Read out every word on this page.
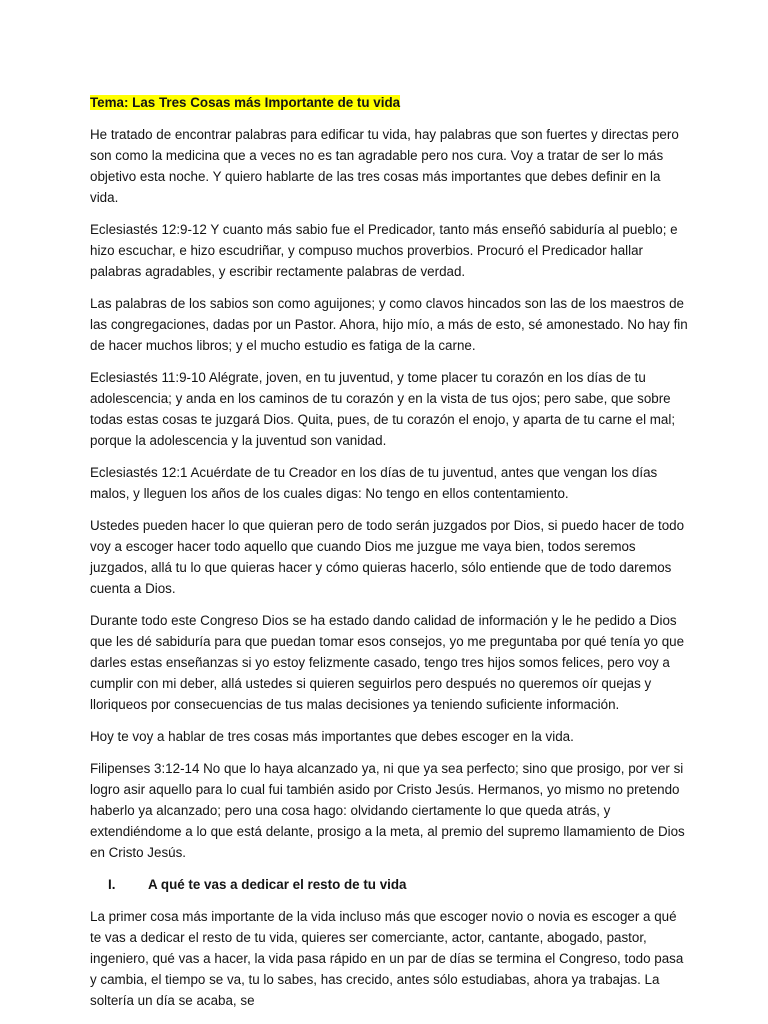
Tema: Las Tres Cosas más Importante de tu vida

He tratado de encontrar palabras para edificar tu vida, hay palabras que son fuertes y directas pero son como la medicina que a veces no es tan agradable pero nos cura. Voy a tratar de ser lo más objetivo esta noche. Y quiero hablarte de las tres cosas más importantes que debes definir en la vida.

Eclesiastés 12:9-12 Y cuanto más sabio fue el Predicador, tanto más enseñó sabiduría al pueblo; e hizo escuchar, e hizo escudriñar, y compuso muchos proverbios. Procuró el Predicador hallar palabras agradables, y escribir rectamente palabras de verdad.

Las palabras de los sabios son como aguijones; y como clavos hincados son las de los maestros de las congregaciones, dadas por un Pastor. Ahora, hijo mío, a más de esto, sé amonestado. No hay fin de hacer muchos libros; y el mucho estudio es fatiga de la carne.

Eclesiastés 11:9-10 Alégrate, joven, en tu juventud, y tome placer tu corazón en los días de tu adolescencia; y anda en los caminos de tu corazón y en la vista de tus ojos; pero sabe, que sobre todas estas cosas te juzgará Dios. Quita, pues, de tu corazón el enojo, y aparta de tu carne el mal; porque la adolescencia y la juventud son vanidad.

Eclesiastés 12:1 Acuérdate de tu Creador en los días de tu juventud, antes que vengan los días malos, y lleguen los años de los cuales digas: No tengo en ellos contentamiento.

Ustedes pueden hacer lo que quieran pero de todo serán juzgados por Dios, si puedo hacer de todo voy a escoger hacer todo aquello que cuando Dios me juzgue me vaya bien, todos seremos juzgados, allá tu lo que quieras hacer y cómo quieras hacerlo, sólo entiende que de todo daremos cuenta a Dios.

Durante todo este Congreso Dios se ha estado dando calidad de información y le he pedido a Dios que les dé sabiduría para que puedan tomar esos consejos, yo me preguntaba por qué tenía yo que darles estas enseñanzas si yo estoy felizmente casado, tengo tres hijos somos felices, pero voy a cumplir con mi deber, allá ustedes si quieren seguirlos pero después no queremos oír quejas y lloriqueos por consecuencias de tus malas decisiones ya teniendo suficiente información.

Hoy te voy a hablar de tres cosas más importantes que debes escoger en la vida.

Filipenses 3:12-14 No que lo haya alcanzado ya, ni que ya sea perfecto; sino que prosigo, por ver si logro asir aquello para lo cual fui también asido por Cristo Jesús. Hermanos, yo mismo no pretendo haberlo ya alcanzado; pero una cosa hago: olvidando ciertamente lo que queda atrás, y extendiéndome a lo que está delante, prosigo a la meta, al premio del supremo llamamiento de Dios en Cristo Jesús.

I.	A qué te vas a dedicar el resto de tu vida

La primer cosa más importante de la vida incluso más que escoger novio o novia es escoger a qué te vas a dedicar el resto de tu vida, quieres ser comerciante, actor, cantante, abogado, pastor, ingeniero, qué vas a hacer, la vida pasa rápido en un par de días se termina el Congreso, todo pasa y cambia, el tiempo se va, tu lo sabes, has crecido, antes sólo estudiabas, ahora ya trabajas. La soltería un día se acaba, se
